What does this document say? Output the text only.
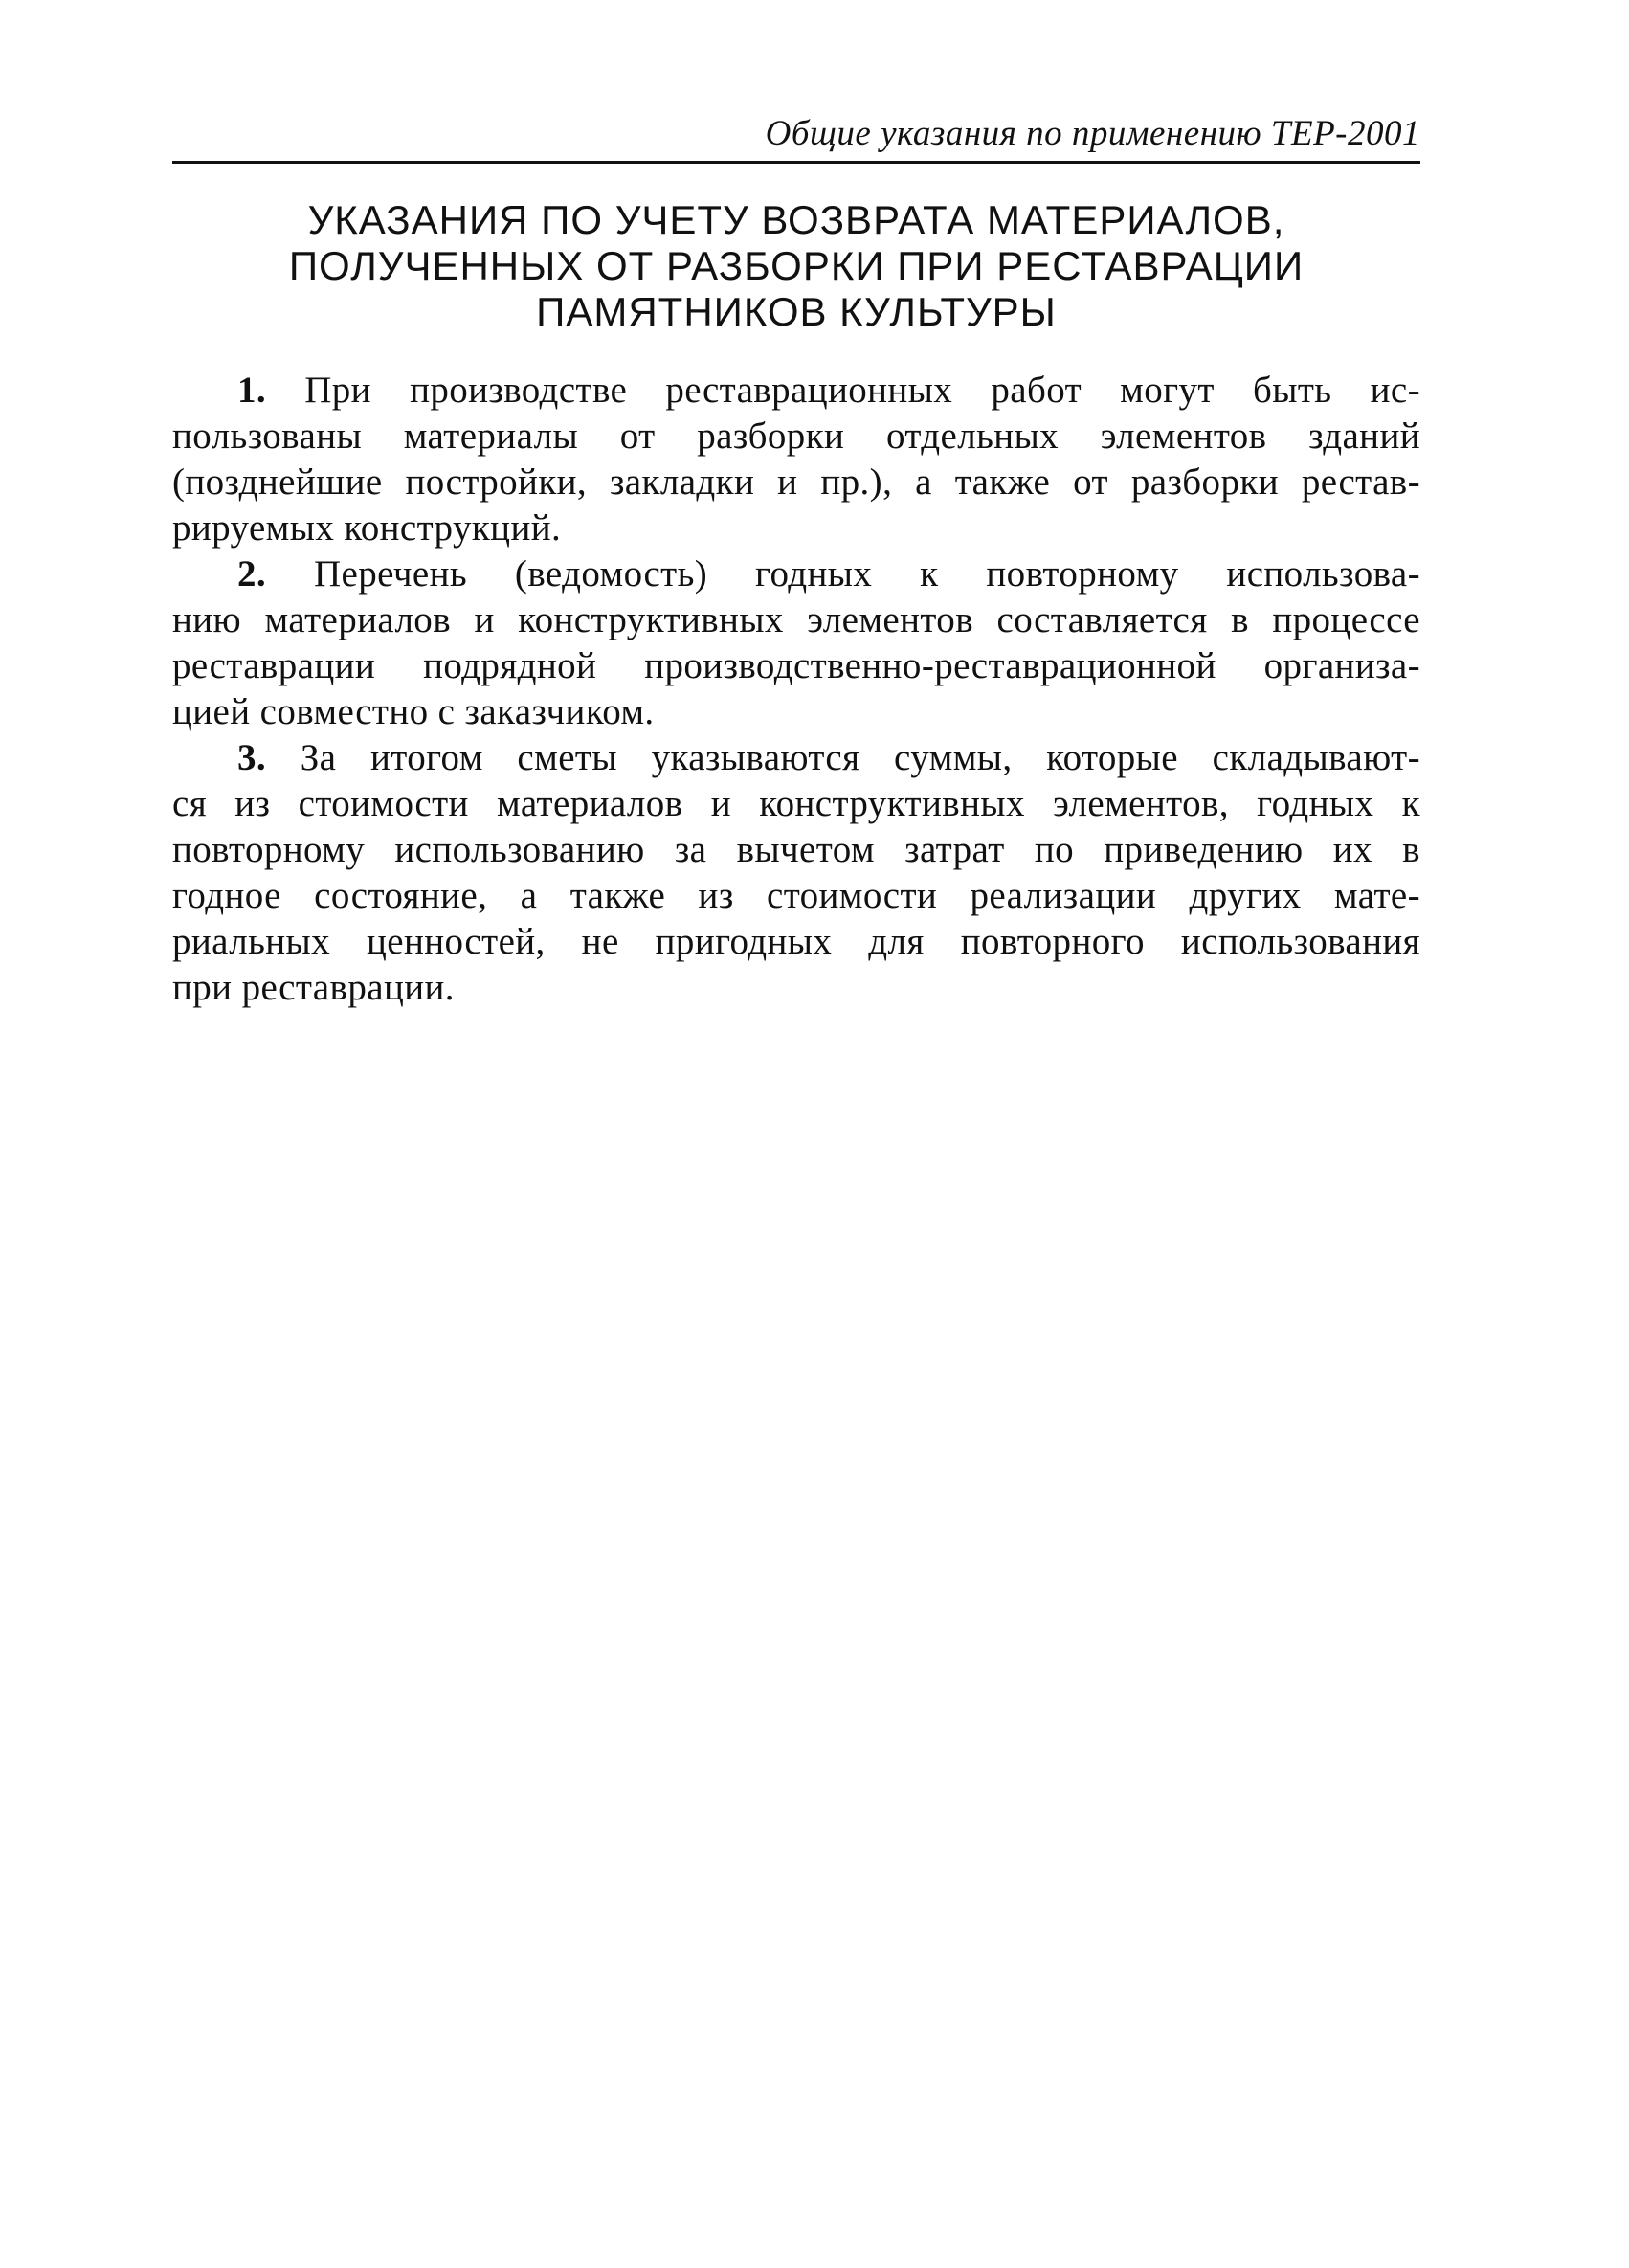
Общие указания по применению ТЕР-2001
УКАЗАНИЯ ПО УЧЕТУ ВОЗВРАТА МАТЕРИАЛОВ,
ПОЛУЧЕННЫХ ОТ РАЗБОРКИ ПРИ РЕСТАВРАЦИИ
ПАМЯТНИКОВ КУЛЬТУРЫ

1. При производстве реставрационных работ могут быть ис-
пользованы материалы от разборки отдельных элементов зданий
(позднейшие постройки, закладки и пр.), а также от разборки рестав-
рируемых конструкций.

2. Перечень (ведомость) годных к повторному использова-
нию материалов и конструктивных элементов составляется в процессе
реставрации подрядной производственно-реставрационной организа-
цией совместно с заказчиком.

3. За итогом сметы указываются суммы, которые складывают-
ся из стоимости материалов и конструктивных элементов, годных к
повторному использованию за вычетом затрат по приведению их в
годное состояние, а также из стоимости реализации других мате-
риальных ценностей, не пригодных для повторного использования
при реставрации.
